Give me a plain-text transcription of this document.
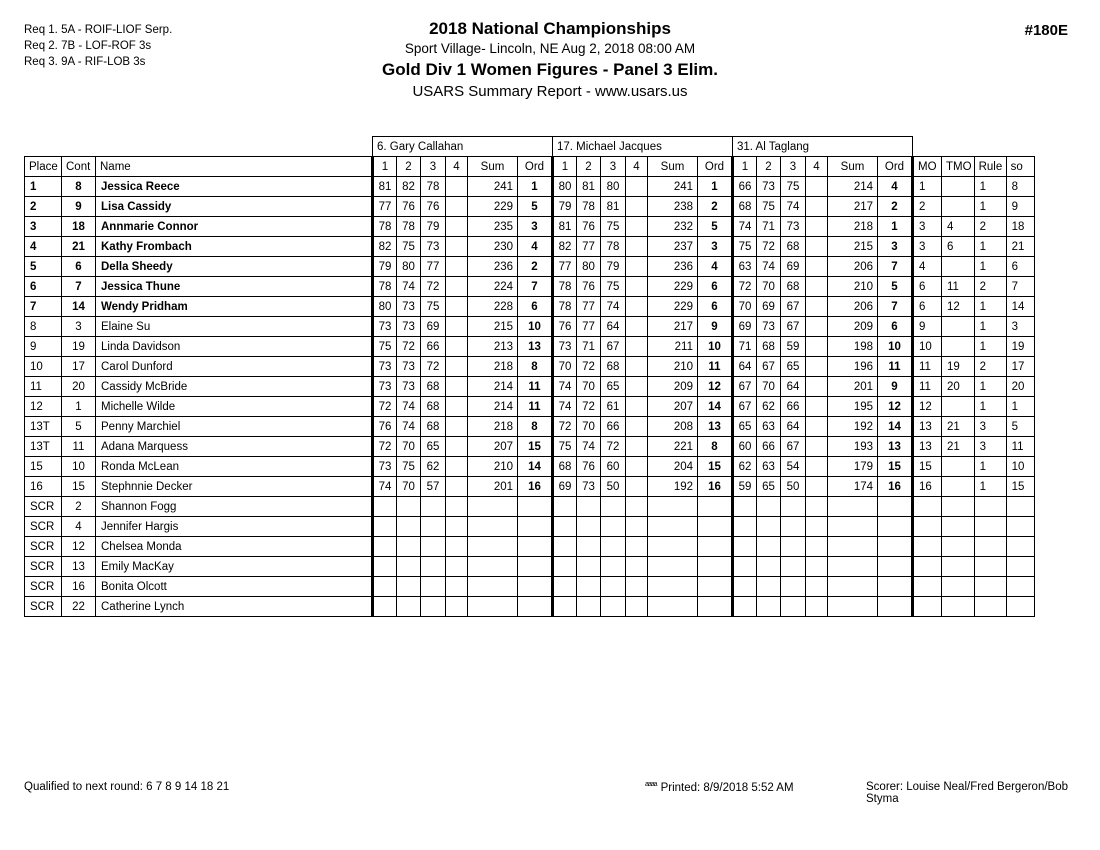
Req 1. 5A - ROIF-LIOF Serp.
Req 2. 7B - LOF-ROF 3s
Req 3. 9A - RIF-LOB 3s
2018 National Championships
Sport Village- Lincoln, NE Aug 2, 2018 08:00 AM
Gold Div 1 Women Figures - Panel 3 Elim.
USARS Summary Report - www.usars.us
#180E
			6. Gary Callahan						17. Michael Jacques						31. Al Taglang									
Place	Cont	Name	1	2	3	4	Sum	Ord	1	2	3	4	Sum	Ord	1	2	3	4	Sum	Ord	MO	TMO	Rule	so
1	8	Jessica Reece	81	82	78		241	1	80	81	80		241	1	66	73	75		214	4	1		1	8
2	9	Lisa Cassidy	77	76	76		229	5	79	78	81		238	2	68	75	74		217	2	2		1	9
3	18	Annmarie Connor	78	78	79		235	3	81	76	75		232	5	74	71	73		218	1	3	4	2	18
4	21	Kathy Frombach	82	75	73		230	4	82	77	78		237	3	75	72	68		215	3	3	6	1	21
5	6	Della Sheedy	79	80	77		236	2	77	80	79		236	4	63	74	69		206	7	4		1	6
6	7	Jessica Thune	78	74	72		224	7	78	76	75		229	6	72	70	68		210	5	6	11	2	7
7	14	Wendy Pridham	80	73	75		228	6	78	77	74		229	6	70	69	67		206	7	6	12	1	14
8	3	Elaine Su	73	73	69		215	10	76	77	64		217	9	69	73	67		209	6	9		1	3
9	19	Linda Davidson	75	72	66		213	13	73	71	67		211	10	71	68	59		198	10	10		1	19
10	17	Carol Dunford	73	73	72		218	8	70	72	68		210	11	64	67	65		196	11	11	19	2	17
11	20	Cassidy McBride	73	73	68		214	11	74	70	65		209	12	67	70	64		201	9	11	20	1	20
12	1	Michelle Wilde	72	74	68		214	11	74	72	61		207	14	67	62	66		195	12	12		1	1
13T	5	Penny Marchiel	76	74	68		218	8	72	70	66		208	13	65	63	64		192	14	13	21	3	5
13T	11	Adana Marquess	72	70	65		207	15	75	74	72		221	8	60	66	67		193	13	13	21	3	11
15	10	Ronda McLean	73	75	62		210	14	68	76	60		204	15	62	63	54		179	15	15		1	10
16	15	Stephnnie Decker	74	70	57		201	16	69	73	50		192	16	59	65	50		174	16	16		1	15
SCR	2	Shannon Fogg																						
SCR	4	Jennifer Hargis																						
SCR	12	Chelsea Monda																						
SCR	13	Emily MacKay																						
SCR	16	Bonita Olcott																						
SCR	22	Catherine Lynch																						
Qualified to next round: 6 7 8 9 14 18 21	$^{aaaa}$ Printed: 8/9/2018 5:52 AM	Scorer: Louise Neal/Fred Bergeron/Bob Styma
